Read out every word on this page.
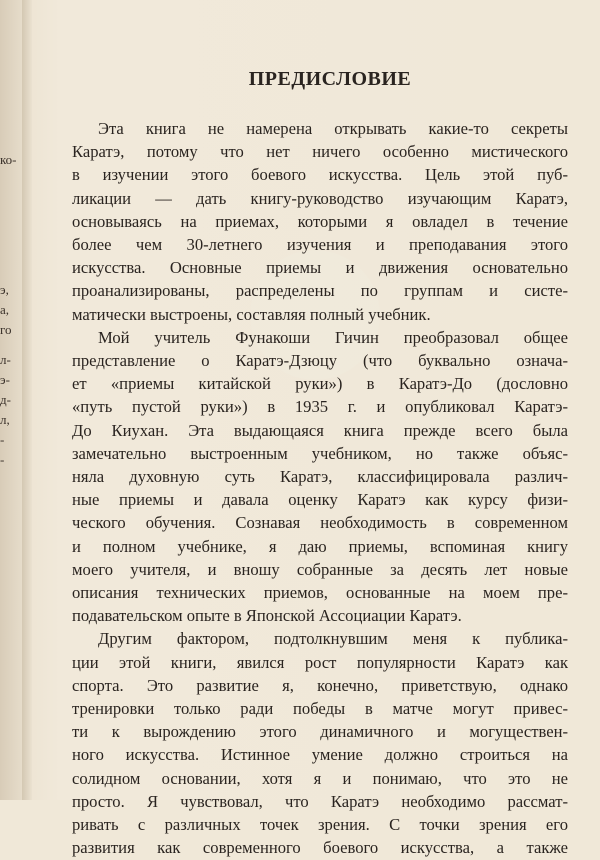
ко-
э,
а,
го
л-
э-
д-
л,
-
-
ПРЕДИСЛОВИЕ

Эта книга не намерена открывать какие-то секреты
Каратэ, потому что нет ничего особенно мистического
в изучении этого боевого искусства. Цель этой пуб-
ликации — дать книгу-руководство изучающим Каратэ,
основываясь на приемах, которыми я овладел в течение
более чем 30-летнего изучения и преподавания этого
искусства. Основные приемы и движения основательно
проанализированы, распределены по группам и систе-
матически выстроены, составляя полный учебник.

Мой учитель Фунакоши Гичин преобразовал общее
представление о Каратэ-Дзюцу (что буквально означа-
ет «приемы китайской руки») в Каратэ-До (дословно
«путь пустой руки») в 1935 г. и опубликовал Каратэ-
До Киухан. Эта выдающаяся книга прежде всего была
замечательно выстроенным учебником, но также объяс-
няла духовную суть Каратэ, классифицировала различ-
ные приемы и давала оценку Каратэ как курсу физи-
ческого обучения. Сознавая необходимость в современном
и полном учебнике, я даю приемы, вспоминая книгу
моего учителя, и вношу собранные за десять лет новые
описания технических приемов, основанные на моем пре-
подавательском опыте в Японской Ассоциации Каратэ.

Другим фактором, подтолкнувшим меня к публика-
ции этой книги, явился рост популярности Каратэ как
спорта. Это развитие я, конечно, приветствую, однако
тренировки только ради победы в матче могут привес-
ти к вырождению этого динамичного и могуществен-
ного искусства. Истинное умение должно строиться на
солидном основании, хотя я и понимаю, что это не
просто. Я чувствовал, что Каратэ необходимо рассмат-
ривать с различных точек зрения. С точки зрения его
развития как современного боевого искусства, а также
